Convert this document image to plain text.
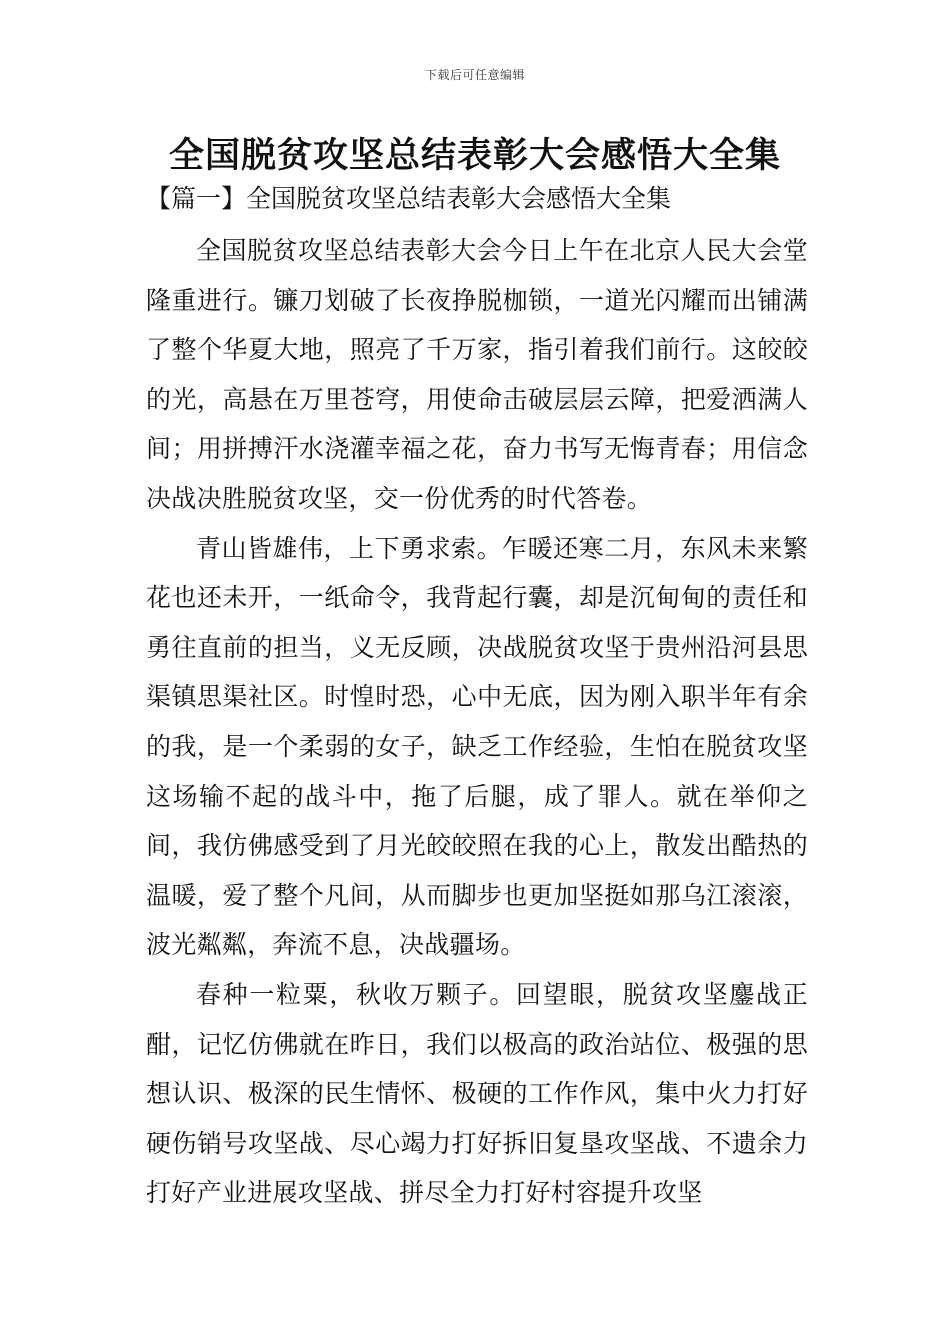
下载后可任意编辑
全国脱贫攻坚总结表彰大会感悟大全集

【篇一】全国脱贫攻坚总结表彰大会感悟大全集

全国脱贫攻坚总结表彰大会今日上午在北京人民大会堂隆重进行。镰刀划破了长夜挣脱枷锁，一道光闪耀而出铺满了整个华夏大地，照亮了千万家，指引着我们前行。这皎皎的光，高悬在万里苍穹，用使命击破层层云障，把爱洒满人间；用拼搏汗水浇灌幸福之花，奋力书写无悔青春；用信念决战决胜脱贫攻坚，交一份优秀的时代答卷。

青山皆雄伟，上下勇求索。乍暖还寒二月，东风未来繁花也还未开，一纸命令，我背起行囊，却是沉甸甸的责任和勇往直前的担当，义无反顾，决战脱贫攻坚于贵州沿河县思渠镇思渠社区。时惶时恐，心中无底，因为刚入职半年有余的我，是一个柔弱的女子，缺乏工作经验，生怕在脱贫攻坚这场输不起的战斗中，拖了后腿，成了罪人。就在举仰之间，我仿佛感受到了月光皎皎照在我的心上，散发出酷热的温暖，爱了整个凡间，从而脚步也更加坚挺如那乌江滚滚，波光粼粼，奔流不息，决战疆场。

春种一粒粟，秋收万颗子。回望眼，脱贫攻坚鏖战正酣，记忆仿佛就在昨日，我们以极高的政治站位、极强的思想认识、极深的民生情怀、极硬的工作作风，集中火力打好硬伤销号攻坚战、尽心竭力打好拆旧复垦攻坚战、不遗余力打好产业进展攻坚战、拼尽全力打好村容提升攻坚
